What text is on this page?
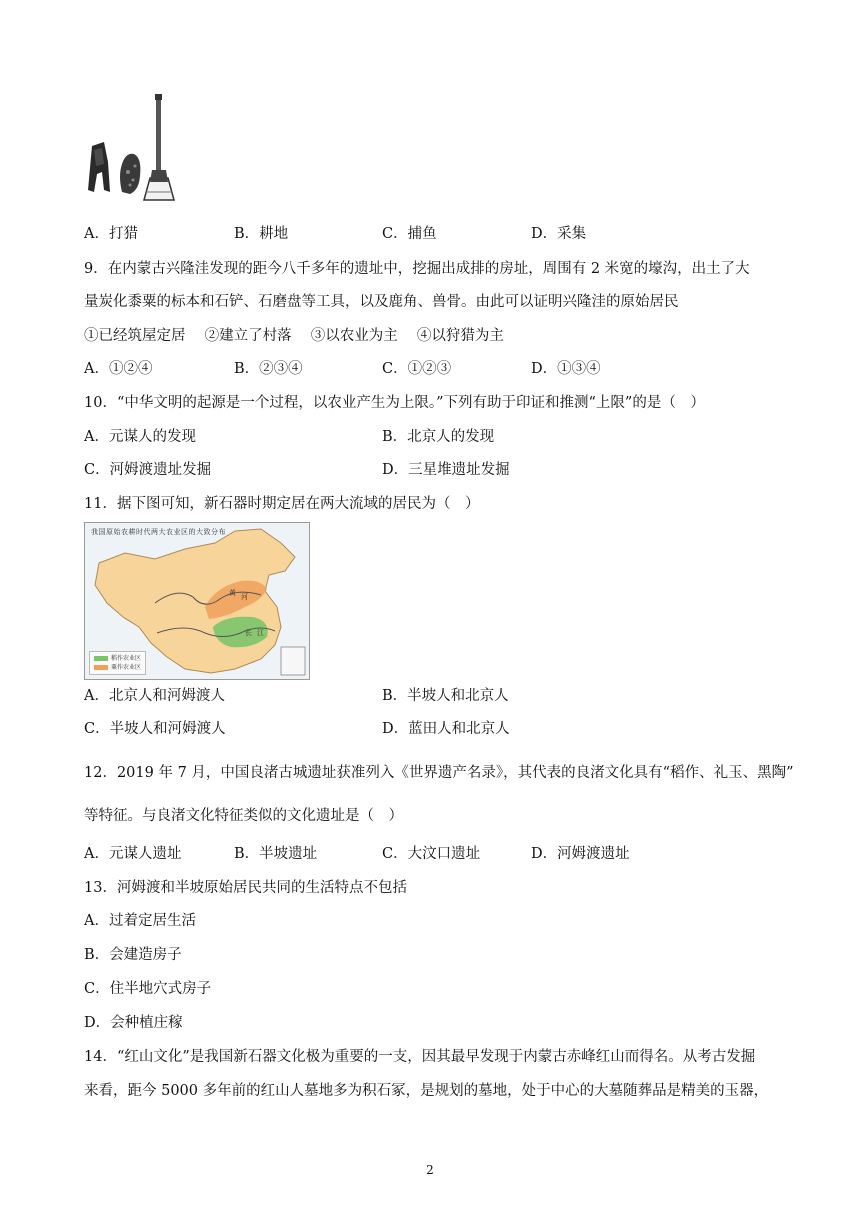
A．打猎	B．耕地	C．捕鱼	D．采集
9．在内蒙古兴隆洼发现的距今八千多年的遗址中，挖掘出成排的房址，周围有 2 米宽的壕沟，出土了大
量炭化黍粟的标本和石铲、石磨盘等工具，以及鹿角、兽骨。由此可以证明兴隆洼的原始居民
①已经筑屋定居　 ②建立了村落　 ③以农业为主　 ④以狩猎为主
A．①②④	B．②③④	C．①②③	D．①③④
10．“中华文明的起源是一个过程，以农业产生为上限。”下列有助于印证和推测“上限”的是（　）
A．元谋人的发现	B．北京人的发现
C．河姆渡遗址发掘	D．三星堆遗址发掘
11．据下图可知，新石器时期定居在两大流域的居民为（　）
黄 河
长 江
我国原始农耕时代两大农业区的大致分布
稻作农业区
粟作农业区
A．北京人和河姆渡人	B．半坡人和北京人
C．半坡人和河姆渡人	D．蓝田人和北京人
12．2019 年 7 月，中国良渚古城遗址获准列入《世界遗产名录》，其代表的良渚文化具有“稻作、礼玉、黑陶”
等特征。与良渚文化特征类似的文化遗址是（　）
A．元谋人遗址	B．半坡遗址	C．大汶口遗址	D．河姆渡遗址
13．河姆渡和半坡原始居民共同的生活特点不包括
A．过着定居生活
B．会建造房子
C．住半地穴式房子
D．会种植庄稼
14．“红山文化”是我国新石器文化极为重要的一支，因其最早发现于内蒙古赤峰红山而得名。从考古发掘
来看，距今 5000 多年前的红山人墓地多为积石冢，是规划的墓地，处于中心的大墓随葬品是精美的玉器，
2
